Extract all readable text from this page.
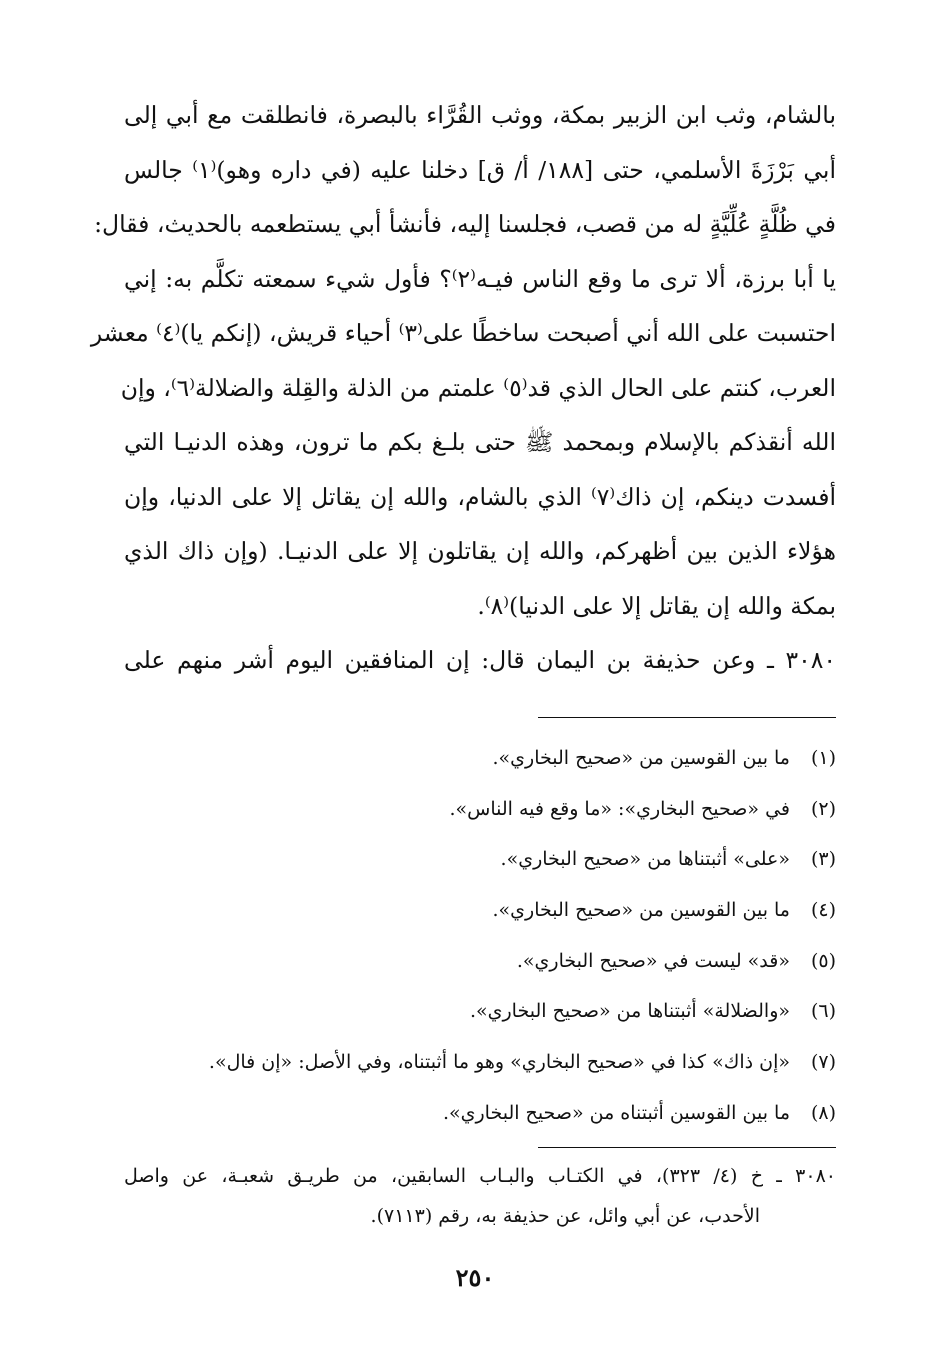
بالشام، وثب ابن الزبير بمكة، ووثب القُرَّاء بالبصرة، فانطلقت مع أبي إلى
أبي بَرْزَةَ الأسلمي، حتى [١٨٨/ أ/ ق] دخلنا عليه (في داره وهو)⁽١⁾ جالس
في ظُلَّةٍ عُلِّيَّةٍ له من قصب، فجلسنا إليه، فأنشأ أبي يستطعمه بالحديث، فقال:
يا أبا برزة، ألا ترى ما وقع الناس فيـه⁽٢⁾؟ فأول شيء سمعته تكلَّم به: إني
احتسبت على الله أني أصبحت ساخطًا على⁽٣⁾ أحياء قريش، (إنكم يا)⁽٤⁾ معشر
العرب، كنتم على الحال الذي قد⁽٥⁾ علمتم من الذلة والقِلة والضلالة⁽٦⁾، وإن
الله أنقذكم بالإسلام وبمحمد ﷺ حتى بلـغ بكم ما ترون، وهذه الدنيـا التي
أفسدت دينكم، إن ذاك⁽٧⁾ الذي بالشام، والله إن يقاتل إلا على الدنيا، وإن
هؤلاء الذين بين أظهركم، والله إن يقاتلون إلا على الدنيـا. (وإن ذاك الذي
بمكة والله إن يقاتل إلا على الدنيا)⁽٨⁾.
٣٠٨٠ ـ وعن حذيفة بن اليمان قال: إن المنافقين اليوم أشر منهم على
(١)
ما بين القوسين من «صحيح البخاري».
(٢)
في «صحيح البخاري»: «ما وقع فيه الناس».
(٣)
«على» أثبتناها من «صحيح البخاري».
(٤)
ما بين القوسين من «صحيح البخاري».
(٥)
«قد» ليست في «صحيح البخاري».
(٦)
«والضلالة» أثبتناها من «صحيح البخاري».
(٧)
«إن ذاك» كذا في «صحيح البخاري» وهو ما أثبتناه، وفي الأصل: «إن فال».
(٨)
ما بين القوسين أثبتناه من «صحيح البخاري».
٣٠٨٠ ـ خ (٤/ ٣٢٣)، في الكتـاب والبـاب السابقين، من طريـق شعبـة، عن واصل
الأحدب، عن أبي وائل، عن حذيفة به، رقم (٧١١٣).
٢٥٠
